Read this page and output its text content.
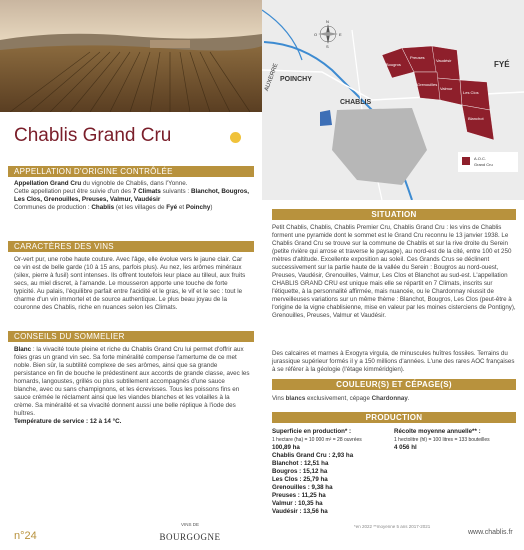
Chablis Grand Cru
APPELLATION D'ORIGINE CONTRÔLÉE
Appellation Grand Cru du vignoble de Chablis, dans l'Yonne.
Cette appellation peut être suivie d'un des 7 Climats suivants : Blanchot, Bougros, Les Clos, Grenouilles, Preuses, Valmur, Vaudésir
Communes de production : Chablis (et les villages de Fyé et Poinchy)
CARACTÈRES DES VINS
Or-vert pur, une robe haute couture. Avec l'âge, elle évolue vers le jaune clair. Car ce vin est de belle garde (10 à 15 ans, parfois plus). Au nez, les arômes minéraux (silex, pierre à fusil) sont intenses. Ils offrent toutefois leur place au tilleul, aux fruits secs, au miel discret, à l'amande. Le mousseron apporte une touche de forte typicité. Au palais, l'équilibre parfait entre l'acidité et le gras, le vif et le sec : tout le charme d'un vin immortel et de source authentique. Le plus beau joyau de la couronne des Chablis, riche en nuances selon les Climats.
CONSEILS DU SOMMELIER
Blanc : la vivacité toute pleine et riche du Chablis Grand Cru lui permet d'offrir aux foies gras un grand vin sec. Sa forte minéralité compense l'amertume de ce met noble. Bien sûr, la subtilité complexe de ses arômes, ainsi que sa grande persistance en fin de bouche le prédestinent aux accords de grande classe, avec les homards, langoustes, grillés ou plus subtilement accompagnés d'une sauce blanche, avec ou sans champignons, et les écrevisses. Tous les poissons fins en sauce crémée le réclament ainsi que les viandes blanches et les volailles à la crème. Sa minéralité et sa vivacité donnent aussi une belle réplique à l'iode des huîtres.
Température de service : 12 à 14 °C.
n°24
VINS DE
BOURGOGNE
POINCHY
CHABLIS
FYÉ
AUXERRE	Bougros
Preuses
Vaudésir
Les Clos
Grenouilles
Valmur
Blanchot
A.O.C.
Grand Cru
N
O	E
S
SITUATION
Petit Chablis, Chablis, Chablis Premier Cru, Chablis Grand Cru : les vins de Chablis forment une pyramide dont le sommet est le Grand Cru reconnu le 13 janvier 1938. Le Chablis Grand Cru se trouve sur la commune de Chablis et sur la rive droite du Serein (petite rivière qui arrose et traverse le paysage), au nord-est de la cité, entre 100 et 250 mètres d'altitude. Excellente exposition au soleil. Ces Grands Crus se déclinent successivement sur la partie haute de la vallée du Serein : Bougros au nord-ouest, Preuses, Vaudésir, Grenouilles, Valmur, Les Clos et Blanchot au sud-est. L'appellation CHABLIS GRAND CRU est unique mais elle se répartit en 7 Climats, inscrits sur l'étiquette, à la personnalité affirmée, mais nuancée, ou le Chardonnay réussit de merveilleuses variations sur un même thème : Blanchot, Bougros, Les Clos (peut-être à l'origine de la vigne chablisienne, mise en valeur par les moines cisterciens de Pontigny), Grenouilles, Preuses, Valmur et Vaudésir.
Des calcaires et marnes à Exogyra virgula, de minuscules huîtres fossiles. Terrains du jurassique supérieur formés il y a 150 millions d'années. L'une des rares AOC françaises à se référer à la géologie (l'étage kimméridgien).
COULEUR(S) ET CÉPAGE(S)
Vins blancs exclusivement, cépage Chardonnay.
PRODUCTION
Superficie en production* :
1 hectare (ha) = 10 000 m² = 28 ouvrées
100,89 ha
Chablis Grand Cru : 2,93 ha
Blanchot : 12,51 ha
Bougros : 15,12 ha
Les Clos : 25,79 ha
Grenouilles : 9,38 ha
Preuses : 11,25 ha
Valmur : 10,35 ha
Vaudésir : 13,56 ha
Récolte moyenne annuelle** :
1 hectolitre (hl) = 100 litres = 133 bouteilles
4 056 hl
*en 2022 **moyenne 5 ans 2017-2021
www.chablis.fr
